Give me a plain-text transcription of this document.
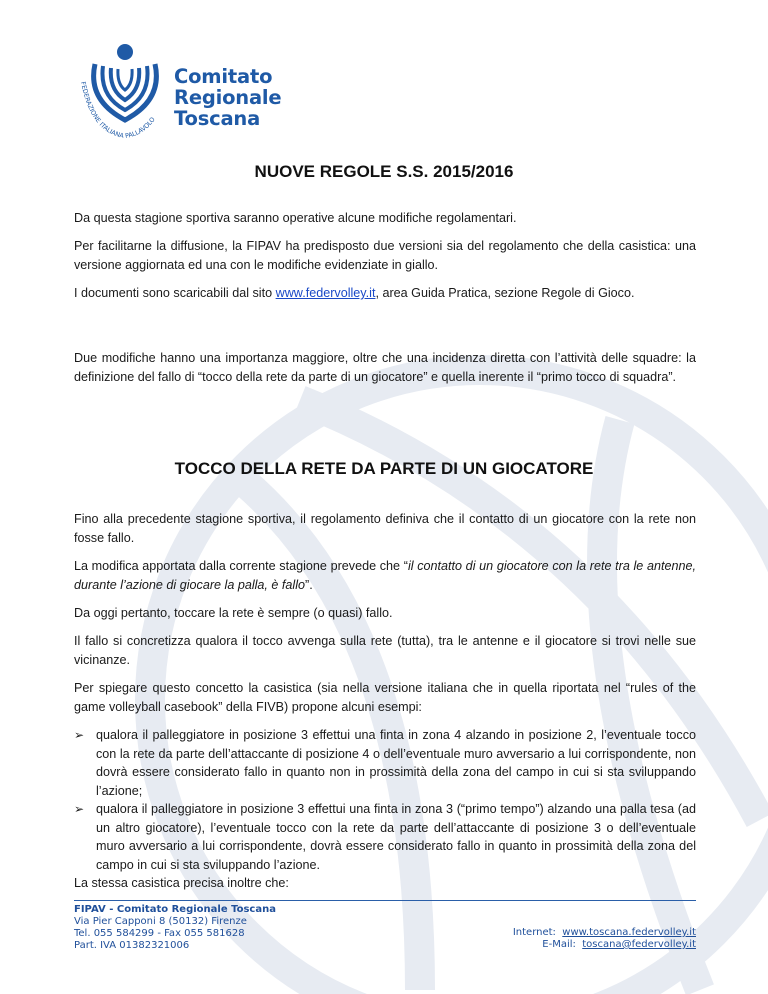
FEDERAZIONE ITALIANA PALLAVOLO
Comitato
Regionale
Toscana
NUOVE REGOLE S.S. 2015/2016

Da questa stagione sportiva saranno operative alcune modifiche regolamentari.

Per facilitarne la diffusione, la FIPAV ha predisposto due versioni sia del regolamento che della casistica: una versione aggiornata ed una con le modifiche evidenziate in giallo.

I documenti sono scaricabili dal sito www.federvolley.it, area Guida Pratica, sezione Regole di Gioco.

Due modifiche hanno una importanza maggiore, oltre che una incidenza diretta con l’attività delle squadre: la definizione del fallo di “tocco della rete da parte di un giocatore” e quella inerente il “primo tocco di squadra”.

TOCCO DELLA RETE DA PARTE DI UN GIOCATORE

Fino alla precedente stagione sportiva, il regolamento definiva che il contatto di un giocatore con la rete non fosse fallo.

La modifica apportata dalla corrente stagione prevede che “il contatto di un giocatore con la rete tra le antenne, durante l’azione di giocare la palla, è fallo”.

Da oggi pertanto, toccare la rete è sempre (o quasi) fallo.

Il fallo si concretizza qualora il tocco avvenga sulla rete (tutta), tra le antenne e il giocatore si trovi nelle sue vicinanze.

Per spiegare questo concetto la casistica (sia nella versione italiana che in quella riportata nel “rules of the game volleyball casebook” della FIVB) propone alcuni esempi:

➢ qualora il palleggiatore in posizione 3 effettui una finta in zona 4 alzando in posizione 2, l’eventuale tocco con la rete da parte dell’attaccante di posizione 4 o dell’eventuale muro avversario a lui corrispondente, non dovrà essere considerato fallo in quanto non in prossimità della zona del campo in cui si sta sviluppando l’azione;
➢ qualora il palleggiatore in posizione 3 effettui una finta in zona 3 (“primo tempo”) alzando una palla tesa (ad un altro giocatore), l’eventuale tocco con la rete da parte dell’attaccante di posizione 3 o dell’eventuale muro avversario a lui corrispondente, dovrà essere considerato fallo in quanto in prossimità della zona del campo in cui si sta sviluppando l’azione.

La stessa casistica precisa inoltre che:

FIPAV - Comitato Regionale Toscana
Via Pier Capponi 8 (50132) Firenze
Tel. 055 584299 - Fax 055 581628
Part. IVA 01382321006
Internet: www.toscana.federvolley.it
E-Mail: toscana@federvolley.it
